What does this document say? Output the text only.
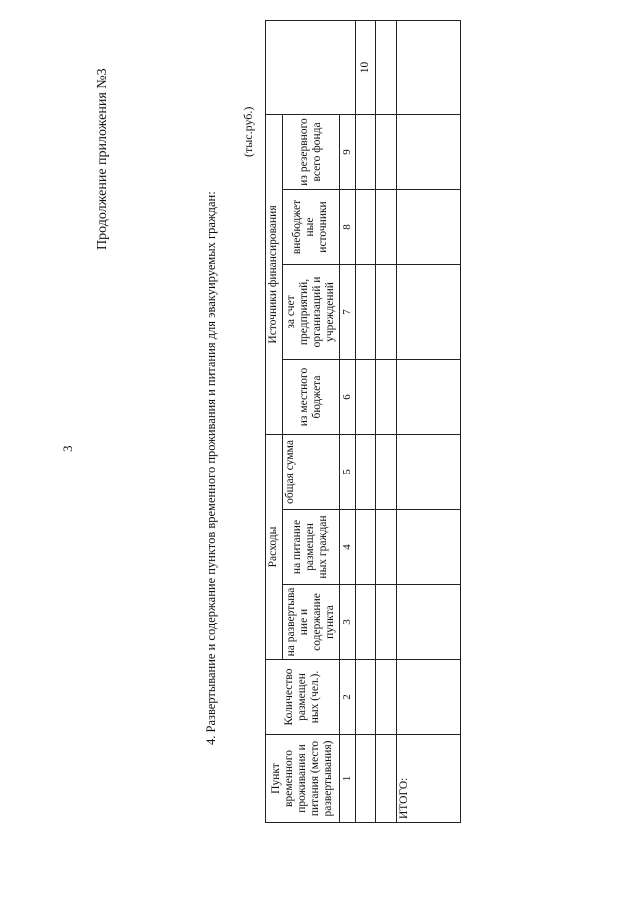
3
Продолжение приложения №3
4. Развертывание и содержание пунктов временного проживания и питания для эвакуируемых граждан:
(тыс.руб.)
Пункт временного проживания и питания (место развертывания)	Количество размещен ных (чел.).	Расходы			Источники финансирования				
		на развертыва ние и содержание пункта	на питание размещен ных граждан	общая сумма	из местного бюджета	за счет предприятий, организаций и учреждений	внебюджет ные источники	из резервного всего фонда	
1	2	3	4	5	6	7	8	9	
									10

ИТОГО:									
